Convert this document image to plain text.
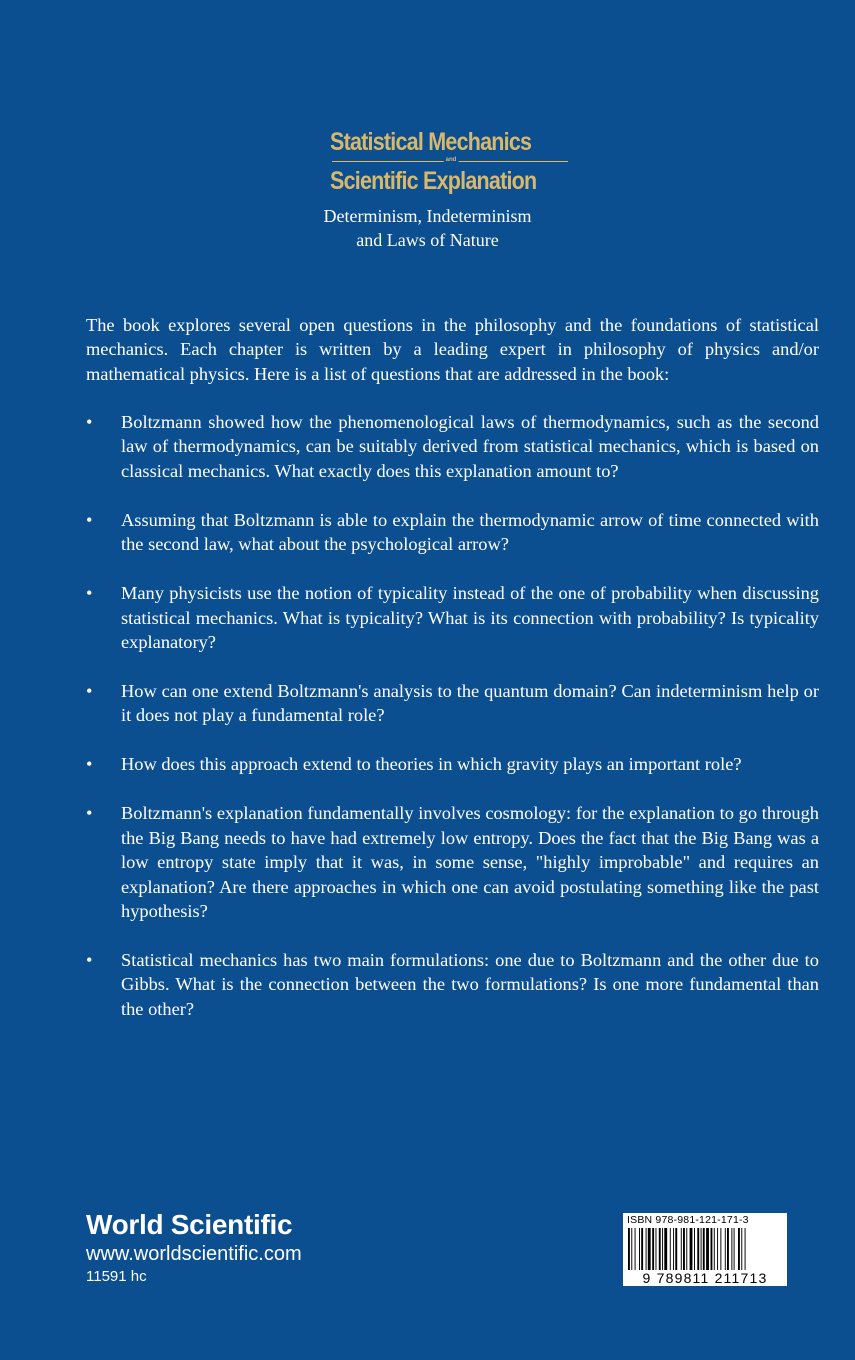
Statistical Mechanics
and
Scientific Explanation
Determinism, Indeterminism
and Laws of Nature

The book explores several open questions in the philosophy and the foundations of statistical mechanics. Each chapter is written by a leading expert in philosophy of physics and/or mathematical physics. Here is a list of questions that are addressed in the book:

• Boltzmann showed how the phenomenological laws of thermodynamics, such as the second law of thermodynamics, can be suitably derived from statistical mechanics, which is based on classical mechanics. What exactly does this explanation amount to?
• Assuming that Boltzmann is able to explain the thermodynamic arrow of time connected with the second law, what about the psychological arrow?
• Many physicists use the notion of typicality instead of the one of probability when discussing statistical mechanics. What is typicality? What is its connection with probability? Is typicality explanatory?
• How can one extend Boltzmann's analysis to the quantum domain? Can indeterminism help or it does not play a fundamental role?
• How does this approach extend to theories in which gravity plays an important role?
• Boltzmann's explanation fundamentally involves cosmology: for the explanation to go through the Big Bang needs to have had extremely low entropy. Does the fact that the Big Bang was a low entropy state imply that it was, in some sense, "highly improbable" and requires an explanation? Are there approaches in which one can avoid postulating something like the past hypothesis?
• Statistical mechanics has two main formulations: one due to Boltzmann and the other due to Gibbs. What is the connection between the two formulations? Is one more fundamental than the other?
World Scientific
www.worldscientific.com
11591 hc
ISBN 978-981-121-171-3
9 789811 211713
